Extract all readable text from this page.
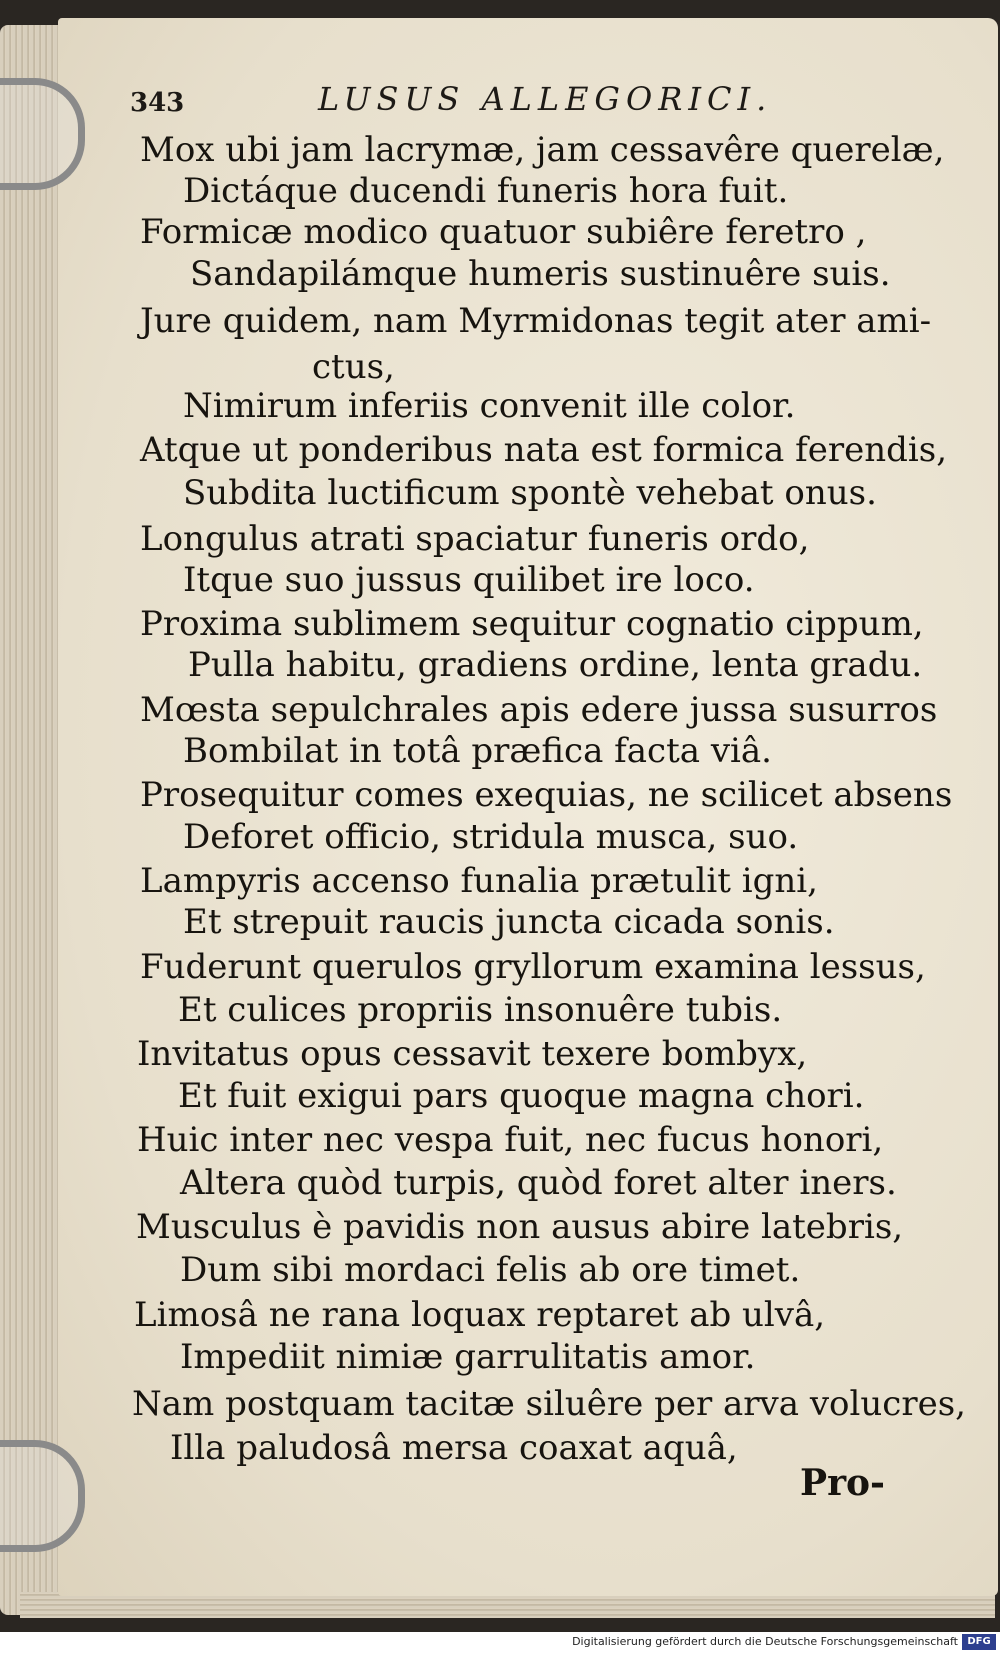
343	LUSUS ALLEGORICI.
Mox ubi jam lacrymæ, jam cessavêre querelæ,
Dictáque ducendi funeris hora fuit.
Formicæ modico quatuor subiêre feretro ,
Sandapilámque humeris sustinuêre suis.
Jure quidem, nam Myrmidonas tegit ater ami-
ctus,
Nimirum inferiis convenit ille color.
Atque ut ponderibus nata est formica ferendis,
Subdita luctificum spontè vehebat onus.
Longulus atrati spaciatur funeris ordo,
Itque suo jussus quilibet ire loco.
Proxima sublimem sequitur cognatio cippum,
Pulla habitu, gradiens ordine, lenta gradu.
Mœsta sepulchrales apis edere jussa susurros
Bombilat in totâ præfica facta viâ.
Prosequitur comes exequias, ne scilicet absens
Deforet officio, stridula musca, suo.
Lampyris accenso funalia prætulit igni,
Et strepuit raucis juncta cicada sonis.
Fuderunt querulos gryllorum examina lessus,
Et culices propriis insonuêre tubis.
Invitatus opus cessavit texere bombyx,
Et fuit exigui pars quoque magna chori.
Huic inter nec vespa fuit, nec fucus honori,
Altera quòd turpis, quòd foret alter iners.
Musculus è pavidis non ausus abire latebris,
Dum sibi mordaci felis ab ore timet.
Limosâ ne rana loquax reptaret ab ulvâ,
Impediit nimiæ garrulitatis amor.
Nam postquam tacitæ siluêre per arva volucres,
Illa paludosâ mersa coaxat aquâ,
Pro-
Digitalisierung gefördert durch die Deutsche Forschungsgemeinschaft DFG
